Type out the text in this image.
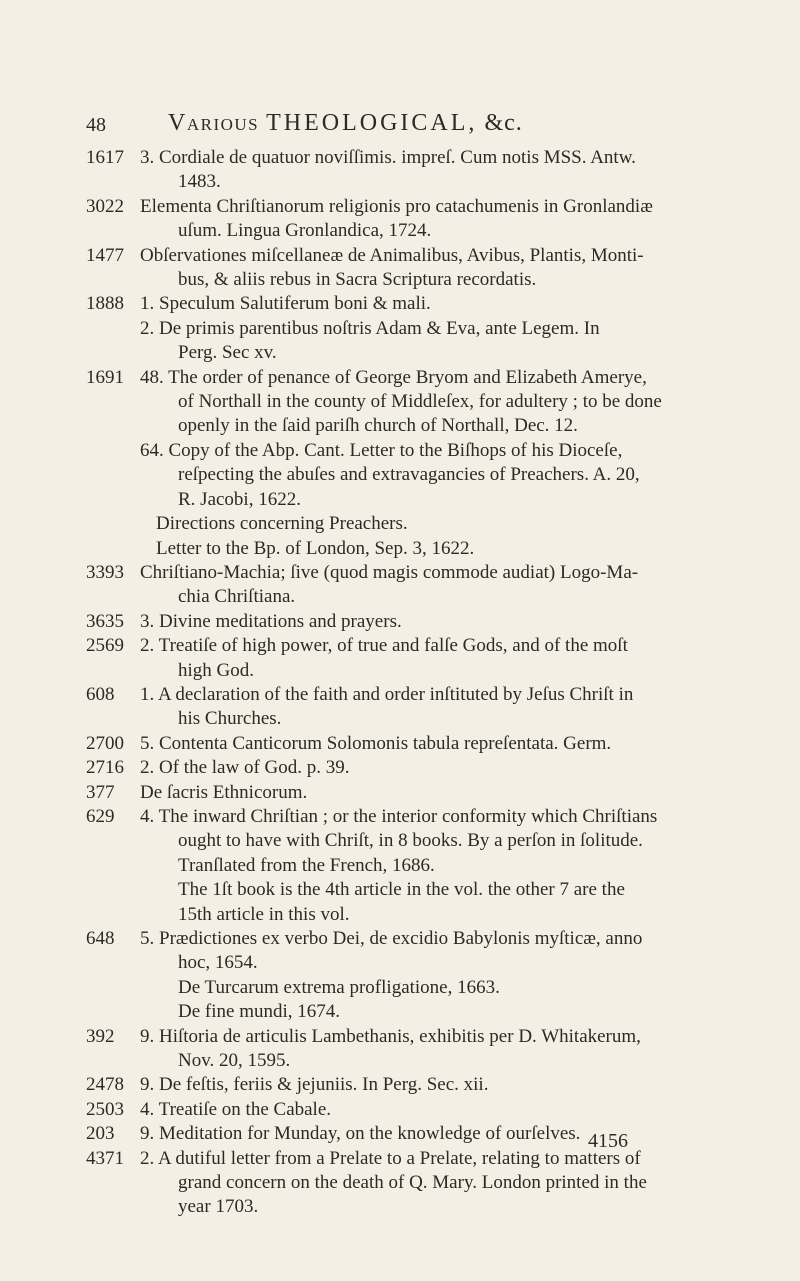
48	Various THEOLOGICAL, &c.
1617 3. Cordiale de quatuor noviſſimis. impreſ. Cum notis MSS. Antw.
1483.
3022 Elementa Chriſtianorum religionis pro catachumenis in Gronlandiæ
uſum. Lingua Gronlandica, 1724.
1477 Obſervationes miſcellaneæ de Animalibus, Avibus, Plantis, Monti-
bus, & aliis rebus in Sacra Scriptura recordatis.
1888 1. Speculum Salutiferum boni & mali.
2. De primis parentibus noſtris Adam & Eva, ante Legem. In
Perg. Sec xv.
1691 48. The order of penance of George Bryom and Elizabeth Amerye,
of Northall in the county of Middleſex, for adultery ; to be done
openly in the ſaid pariſh church of Northall, Dec. 12.
64. Copy of the Abp. Cant. Letter to the Biſhops of his Dioceſe,
reſpecting the abuſes and extravagancies of Preachers. A. 20,
R. Jacobi, 1622.
Directions concerning Preachers.
Letter to the Bp. of London, Sep. 3, 1622.
3393 Chriſtiano-Machia; ſive (quod magis commode audiat) Logo-Ma-
chia Chriſtiana.
3635 3. Divine meditations and prayers.
2569 2. Treatiſe of high power, of true and falſe Gods, and of the moſt
high God.
608	1. A declaration of the faith and order inſtituted by Jeſus Chriſt in
his Churches.
2700 5. Contenta Canticorum Solomonis tabula repreſentata. Germ.
2716 2. Of the law of God. p. 39.
377	De ſacris Ethnicorum.
629	4. The inward Chriſtian ; or the interior conformity which Chriſtians
ought to have with Chriſt, in 8 books. By a perſon in ſolitude.
Tranſlated from the French, 1686.
The 1ſt book is the 4th article in the vol. the other 7 are the
15th article in this vol.
648	5. Prædictiones ex verbo Dei, de excidio Babylonis myſticæ, anno
hoc, 1654.
De Turcarum extrema profligatione, 1663.
De fine mundi, 1674.
392	9. Hiſtoria de articulis Lambethanis, exhibitis per D. Whitakerum,
Nov. 20, 1595.
2478 9. De feſtis, feriis & jejuniis. In Perg. Sec. xii.
2503 4. Treatiſe on the Cabale.
203	9. Meditation for Munday, on the knowledge of ourſelves.
4371 2. A dutiful letter from a Prelate to a Prelate, relating to matters of
grand concern on the death of Q. Mary. London printed in the
year 1703.
4156
